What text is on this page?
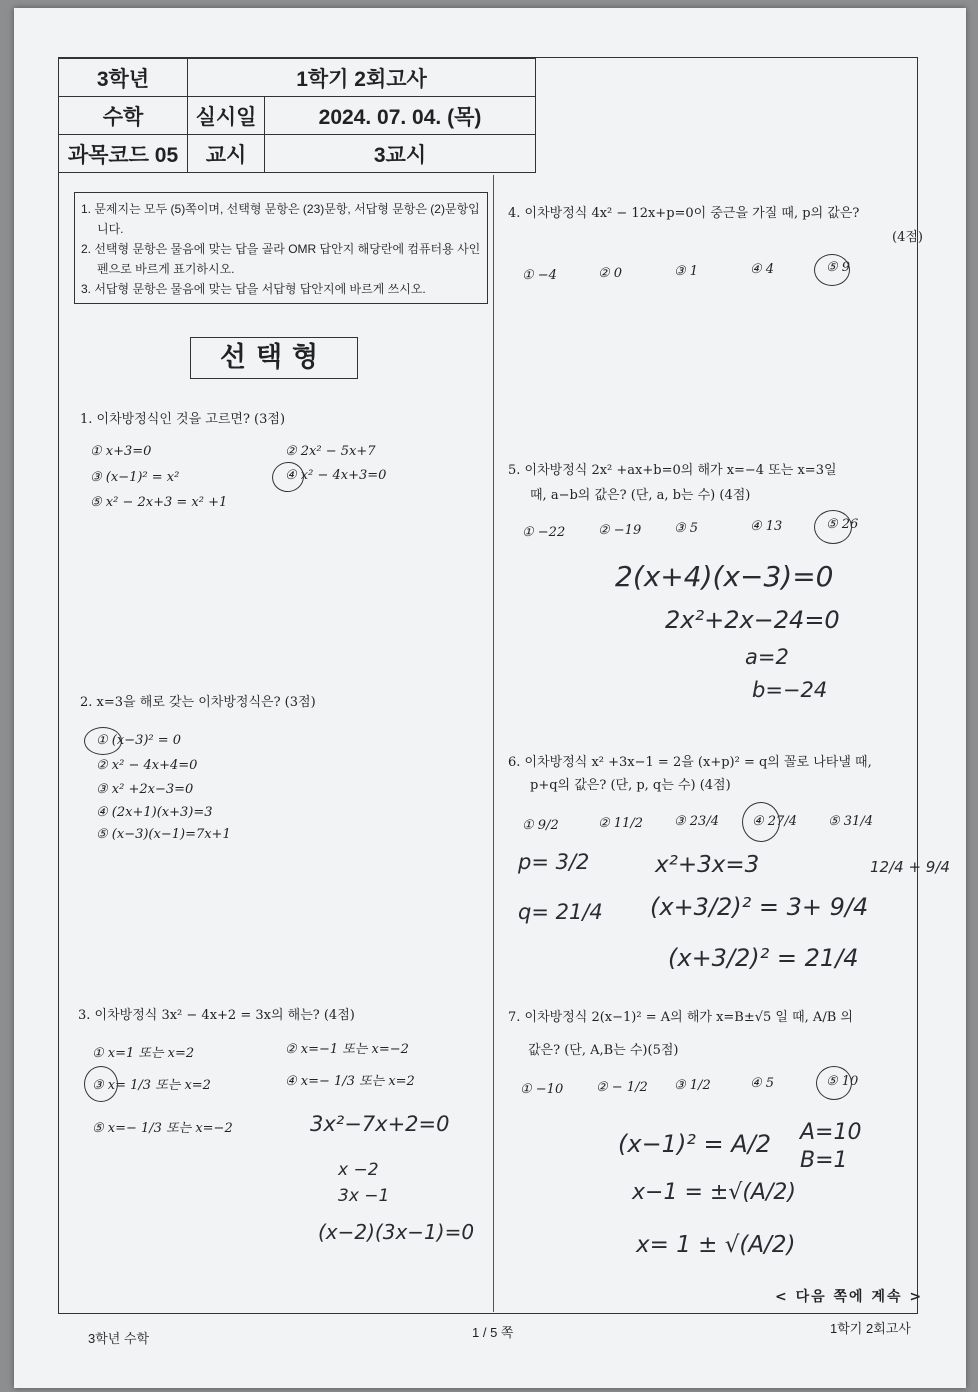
3학년	1학기 2회고사	
수학	실시일	2024. 07. 04. (목)
과목코드 05	교시	3교시
1. 문제지는 모두 (5)쪽이며, 선택형 문항은 (23)문항, 서답형 문항은 (2)문항입니다.
2. 선택형 문항은 물음에 맞는 답을 골라 OMR 답안지 해당란에 컴퓨터용 사인펜으로 바르게 표기하시오.
3. 서답형 문항은 물음에 맞는 답을 서답형 답안지에 바르게 쓰시오.
선택형
1. 이차방정식인 것을 고르면? (3점)
① x+3=0	② 2x² − 5x+7
③ (x−1)² = x²	④ x² − 4x+3=0
⑤ x² − 2x+3 = x² +1
2. x=3을 해로 갖는 이차방정식은? (3점)
① (x−3)² = 0
② x² − 4x+4=0
③ x² +2x−3=0
④ (2x+1)(x+3)=3
⑤ (x−3)(x−1)=7x+1
3. 이차방정식 3x² − 4x+2 = 3x의 해는? (4점)
① x=1 또는 x=2	② x=−1 또는 x=−2
③ x= 1/3 또는 x=2	④ x=− 1/3 또는 x=2
⑤ x=− 1/3 또는 x=−2	3x²−7x+2=0
x −2
3x −1
(x−2)(3x−1)=0
4. 이차방정식 4x² − 12x+p=0이 중근을 가질 때, p의 값은?
(4점)
① −4	② 0	③ 1	④ 4	⑤ 9
5. 이차방정식 2x² +ax+b=0의 해가 x=−4 또는 x=3일
때, a−b의 값은? (단, a, b는 수) (4점)
① −22	② −19	③ 5	④ 13	⑤ 26
2(x+4)(x−3)=0
2x²+2x−24=0
a=2
b=−24
6. 이차방정식 x² +3x−1 = 2을 (x+p)² = q의 꼴로 나타낼 때,
p+q의 값은? (단, p, q는 수) (4점)
① 9/2	② 11/2 ③ 23/4	④ 27/4 ⑤ 31/4
p= 3/2
q= 21/4
x²+3x=3
(x+3/2)² = 3+ 9/4
(x+3/2)² = 21/4
12/4 + 9/4
7. 이차방정식 2(x−1)² = A의 해가 x=B±√5 일 때, A/B 의
값은? (단, A,B는 수)(5점)
① −10	② − 1/2 ③ 1/2	④ 5	⑤ 10
(x−1)² = A/2
x−1 = ±√(A/2)
x= 1 ± √(A/2)
A=10
B=1
< 다음 쪽에 계속 >
3학년 수학	1 / 5 쪽	1학기 2회고사
